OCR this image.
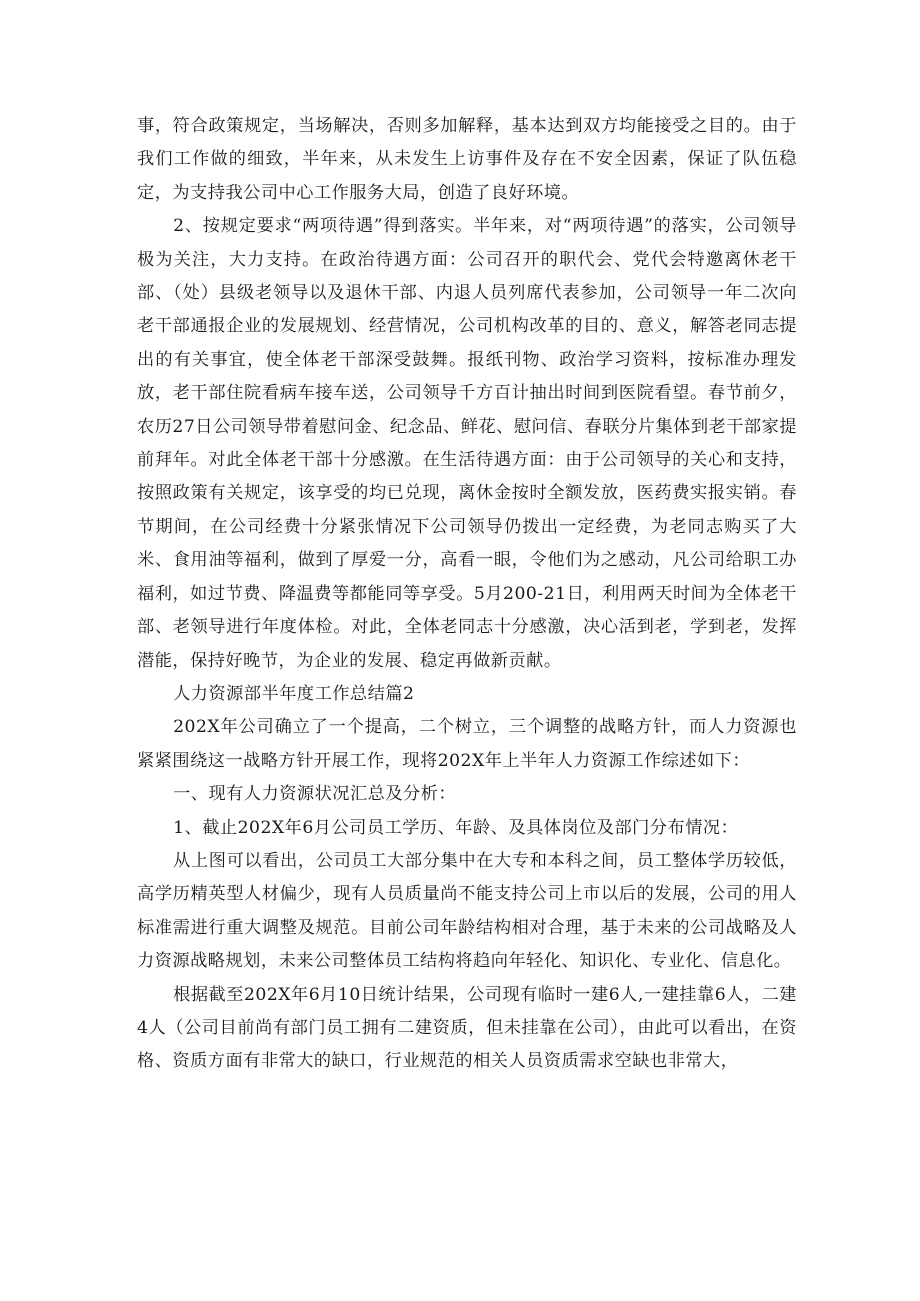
事，符合政策规定，当场解决，否则多加解释，基本达到双方均能接受之目的。由于我们工作做的细致，半年来，从未发生上访事件及存在不安全因素，保证了队伍稳定，为支持我公司中心工作服务大局，创造了良好环境。

2、按规定要求“两项待遇”得到落实。半年来，对“两项待遇”的落实，公司领导极为关注，大力支持。在政治待遇方面：公司召开的职代会、党代会特邀离休老干部、（处）县级老领导以及退休干部、内退人员列席代表参加，公司领导一年二次向老干部通报企业的发展规划、经营情况，公司机构改革的目的、意义，解答老同志提出的有关事宜，使全体老干部深受鼓舞。报纸刊物、政治学习资料，按标准办理发放，老干部住院看病车接车送，公司领导千方百计抽出时间到医院看望。春节前夕，农历27日公司领导带着慰问金、纪念品、鲜花、慰问信、春联分片集体到老干部家提前拜年。对此全体老干部十分感激。在生活待遇方面：由于公司领导的关心和支持，按照政策有关规定，该享受的均已兑现，离休金按时全额发放，医药费实报实销。春节期间，在公司经费十分紧张情况下公司领导仍拨出一定经费，为老同志购买了大米、食用油等福利，做到了厚爱一分，高看一眼，令他们为之感动，凡公司给职工办福利，如过节费、降温费等都能同等享受。5月200-21日，利用两天时间为全体老干部、老领导进行年度体检。对此，全体老同志十分感激，决心活到老，学到老，发挥潜能，保持好晚节，为企业的发展、稳定再做新贡献。

人力资源部半年度工作总结篇2

202X年公司确立了一个提高，二个树立，三个调整的战略方针，而人力资源也紧紧围绕这一战略方针开展工作，现将202X年上半年人力资源工作综述如下：

一、现有人力资源状况汇总及分析：

1、截止202X年6月公司员工学历、年龄、及具体岗位及部门分布情况：

从上图可以看出，公司员工大部分集中在大专和本科之间，员工整体学历较低，高学历精英型人材偏少，现有人员质量尚不能支持公司上市以后的发展，公司的用人标准需进行重大调整及规范。目前公司年龄结构相对合理，基于未来的公司战略及人力资源战略规划，未来公司整体员工结构将趋向年轻化、知识化、专业化、信息化。

根据截至202X年6月10日统计结果，公司现有临时一建6人,一建挂靠6人，二建4人（公司目前尚有部门员工拥有二建资质，但未挂靠在公司），由此可以看出，在资格、资质方面有非常大的缺口，行业规范的相关人员资质需求空缺也非常大，
